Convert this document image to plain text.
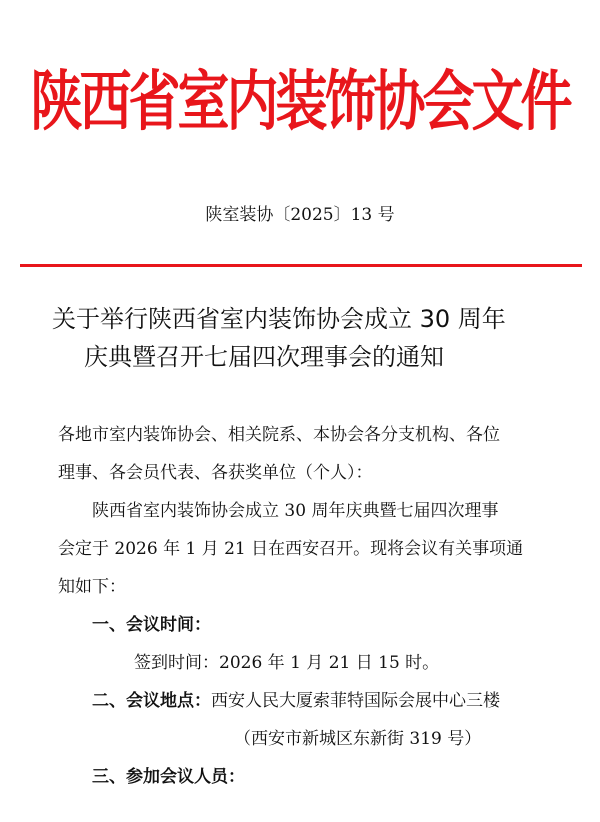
陕西省室内装饰协会文件
陕室装协〔2025〕13 号
关于举行陕西省室内装饰协会成立 30 周年
庆典暨召开七届四次理事会的通知

各地市室内装饰协会、相关院系、本协会各分支机构、各位

理事、各会员代表、各获奖单位（个人）：

陕西省室内装饰协会成立 30 周年庆典暨七届四次理事

会定于 2026 年 1 月 21 日在西安召开。现将会议有关事项通

知如下：

一、会议时间：

签到时间：2026 年 1 月 21 日 15 时。

二、会议地点：西安人民大厦索菲特国际会展中心三楼

（西安市新城区东新街 319 号）

三、参加会议人员：
